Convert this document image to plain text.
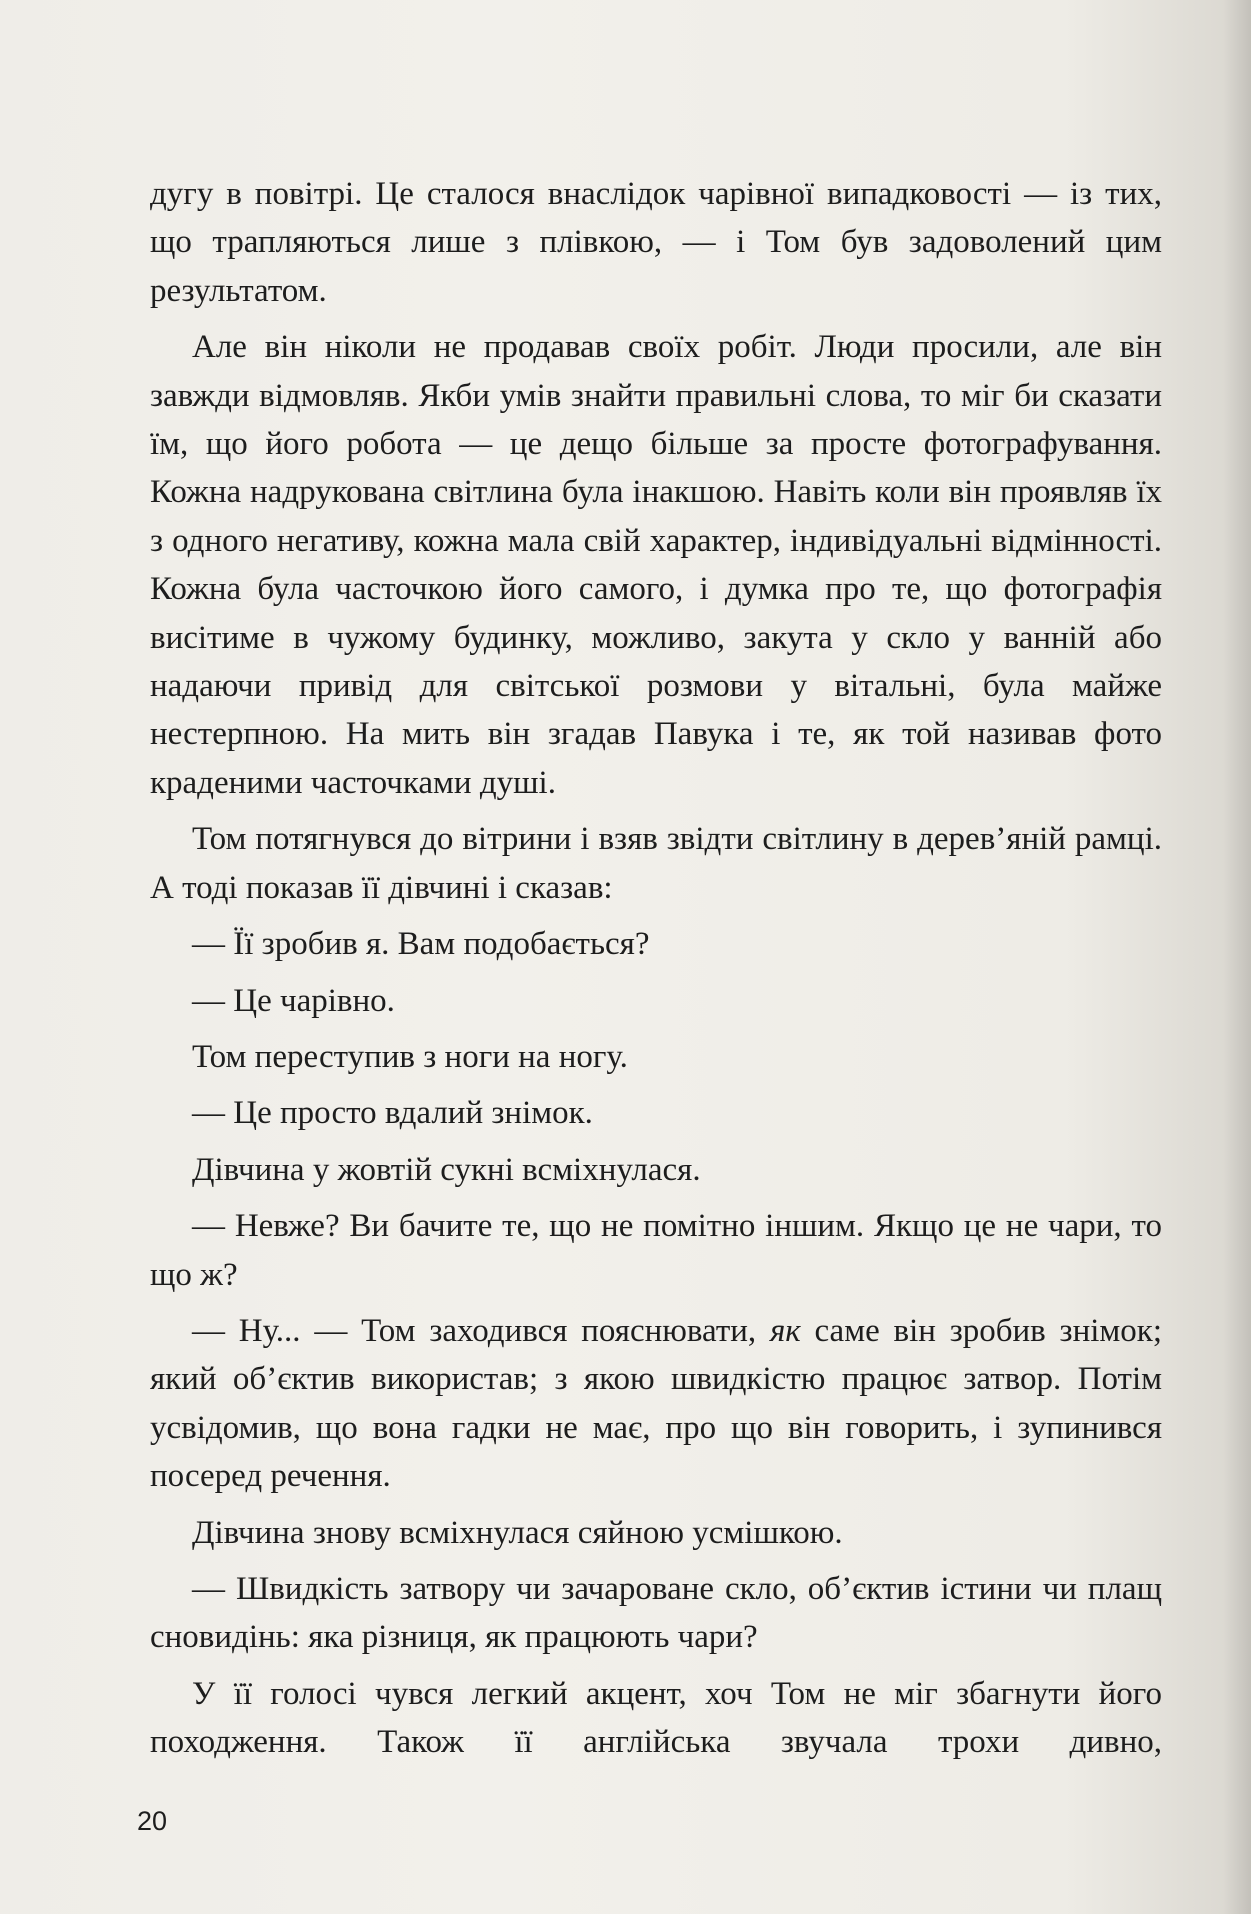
дугу в повітрі. Це сталося внаслідок чарівної випадковості — із тих, що трапляються лише з плівкою, — і Том був задоволений цим результатом.

Але він ніколи не продавав своїх робіт. Люди просили, але він завжди відмовляв. Якби умів знайти правильні слова, то міг би сказати їм, що його робота — це дещо більше за просте фотографування. Кожна надрукована світлина була інакшою. Навіть коли він проявляв їх з одного негативу, кожна мала свій характер, індивідуальні відмінності. Кожна була часточкою його самого, і думка про те, що фотографія висітиме в чужому будинку, можливо, закута у скло у ванній або надаючи привід для світської розмови у вітальні, була майже нестерпною. На мить він згадав Павука і те, як той називав фото краденими часточками душі.

Том потягнувся до вітрини і взяв звідти світлину в дерев’яній рамці. А тоді показав її дівчині і сказав:

— Її зробив я. Вам подобається?

— Це чарівно.

Том переступив з ноги на ногу.

— Це просто вдалий знімок.

Дівчина у жовтій сукні всміхнулася.

— Невже? Ви бачите те, що не помітно іншим. Якщо це не чари, то що ж?

— Ну... — Том заходився пояснювати, як саме він зробив знімок; який об’єктив використав; з якою швидкістю працює затвор. Потім усвідомив, що вона гадки не має, про що він говорить, і зупинився посеред речення.

Дівчина знову всміхнулася сяйною усмішкою.

— Швидкість затвору чи зачароване скло, об’єктив істини чи плащ сновидінь: яка різниця, як працюють чари?

У її голосі чувся легкий акцент, хоч Том не міг збагнути його походження. Також її англійська звучала трохи дивно,

20
